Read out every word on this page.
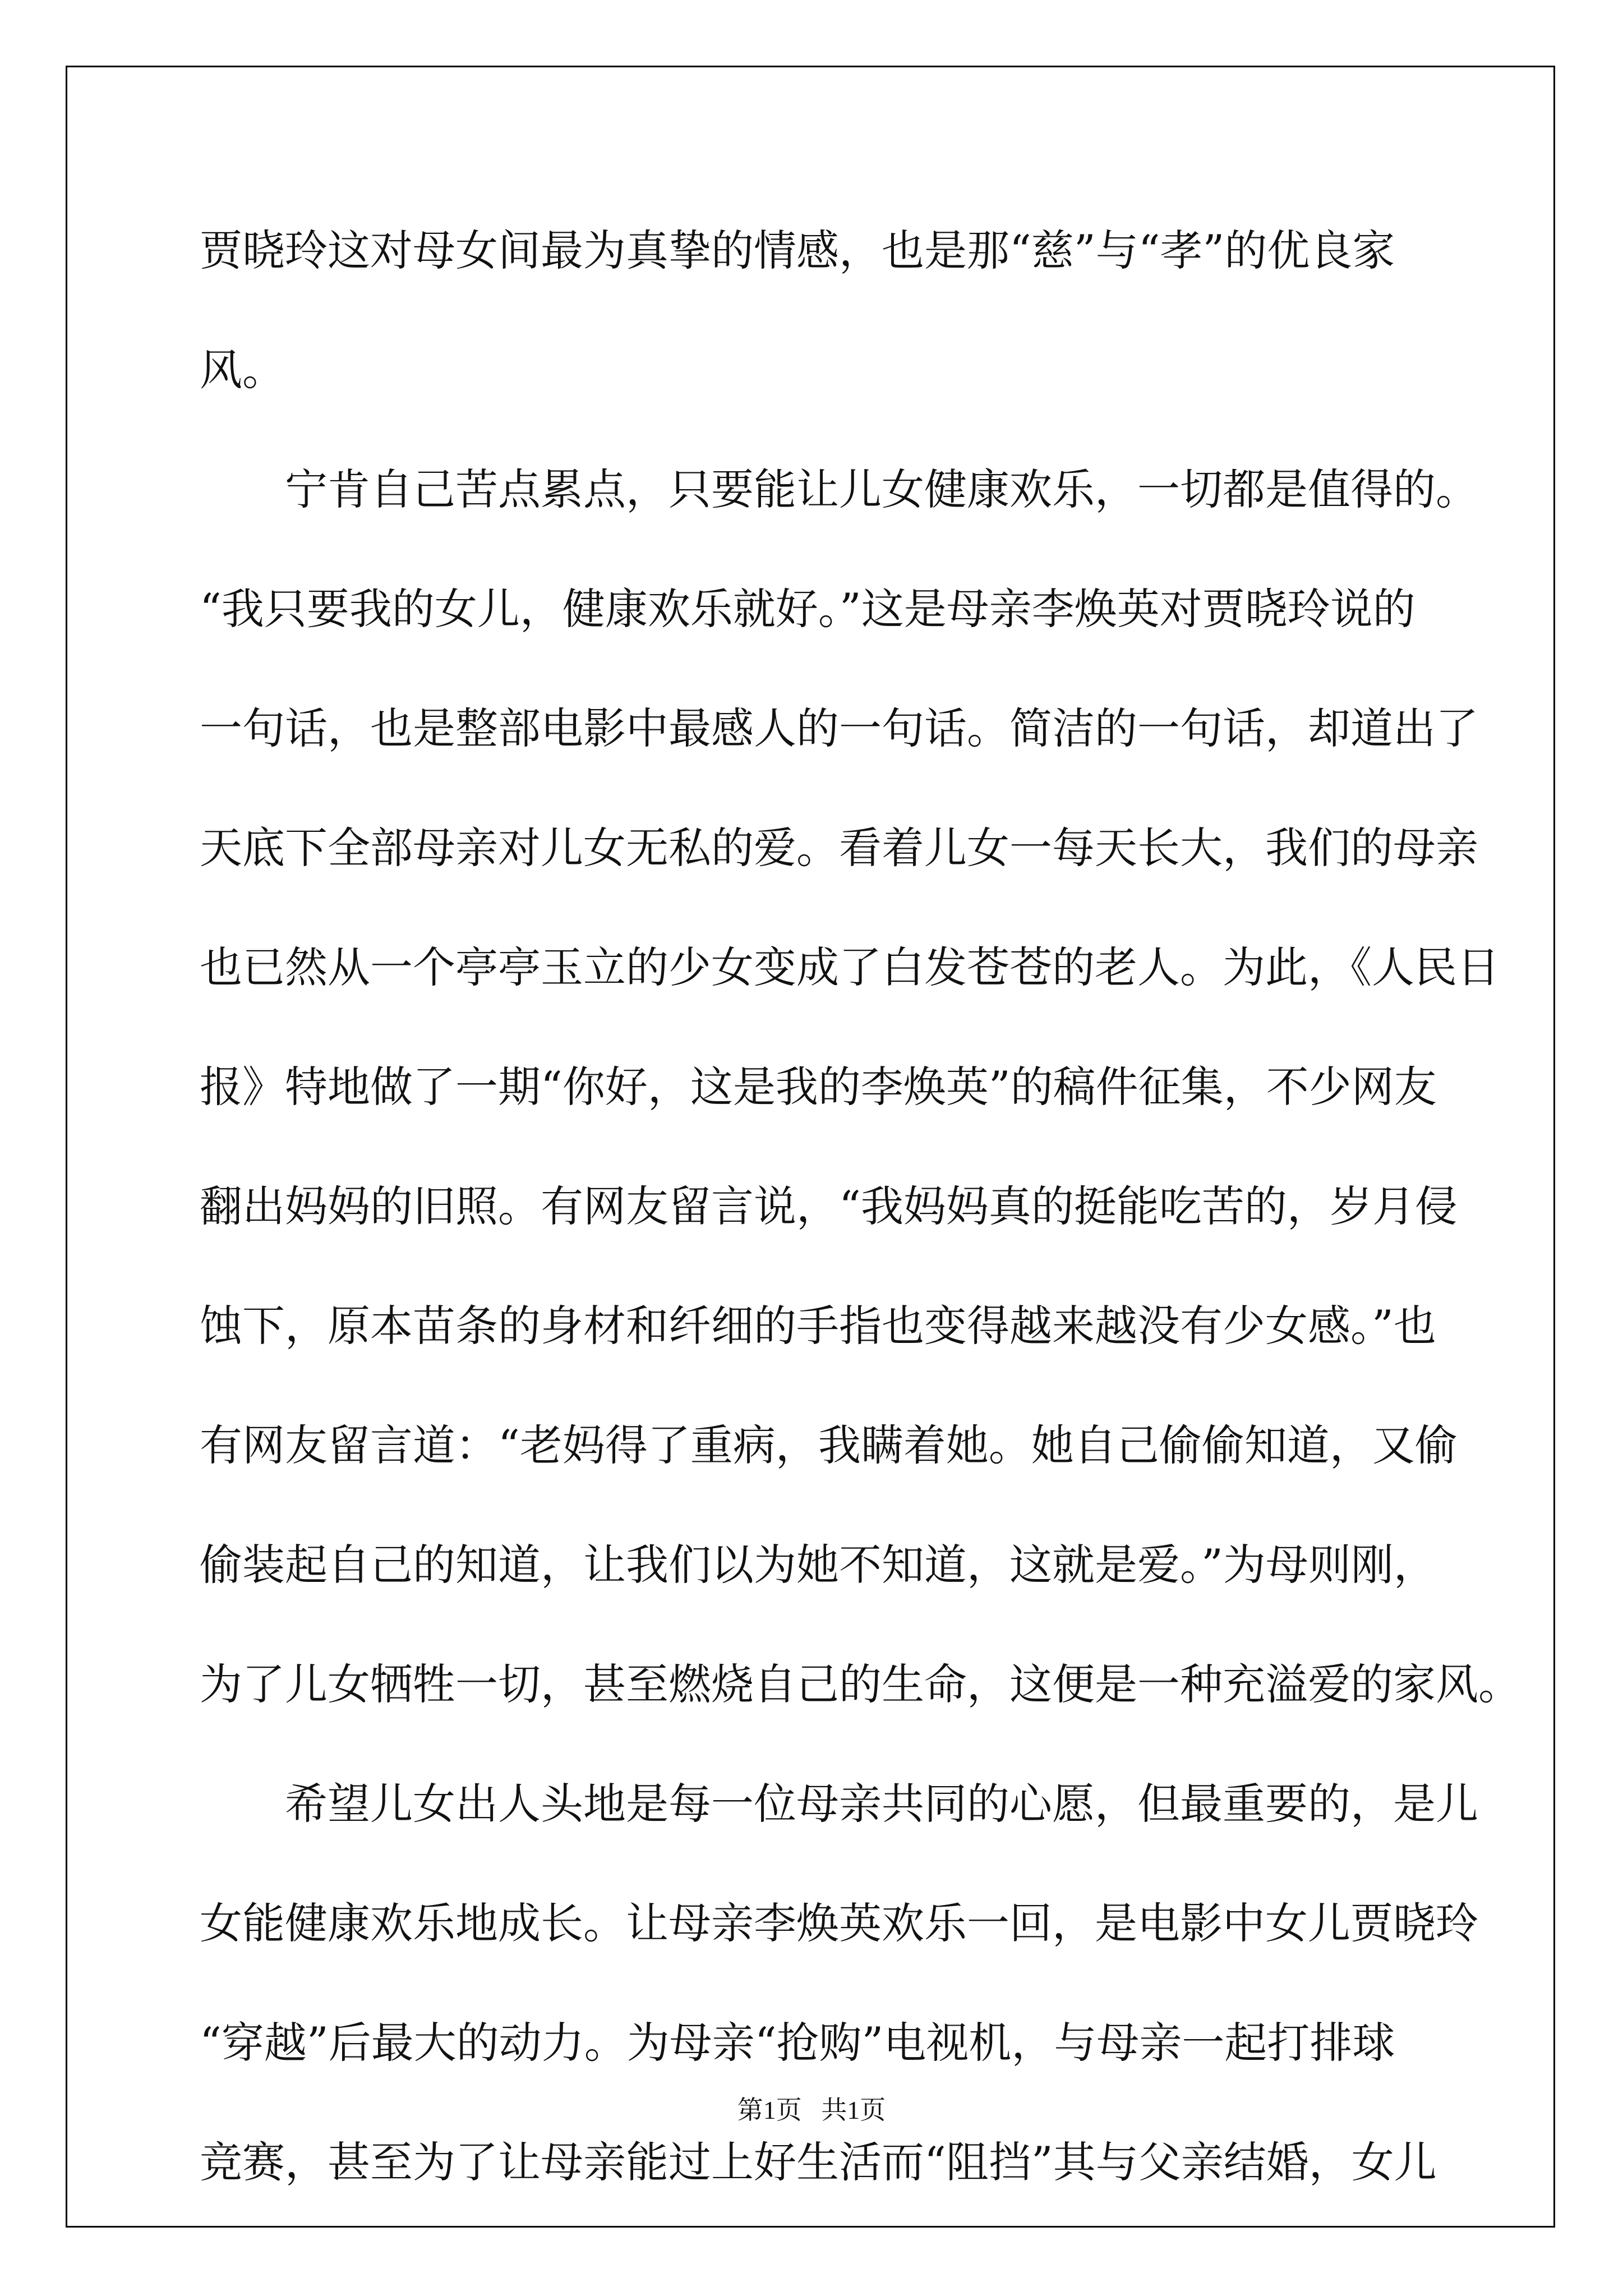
贾晓玲这对母女间最为真挚的情感，也是那“慈”与“孝”的优良家
风。
宁肯自己苦点累点，只要能让儿女健康欢乐，一切都是值得的。
“我只要我的女儿，健康欢乐就好。”这是母亲李焕英对贾晓玲说的
一句话，也是整部电影中最感人的一句话。简洁的一句话，却道出了
天底下全部母亲对儿女无私的爱。看着儿女一每天长大，我们的母亲
也已然从一个亭亭玉立的少女变成了白发苍苍的老人。为此，《人民日
报》特地做了一期“你好，这是我的李焕英”的稿件征集，不少网友
翻出妈妈的旧照。有网友留言说，“我妈妈真的挺能吃苦的，岁月侵
蚀下，原本苗条的身材和纤细的手指也变得越来越没有少女感。”也
有网友留言道：“老妈得了重病，我瞒着她。她自己偷偷知道，又偷
偷装起自己的知道，让我们以为她不知道，这就是爱。”为母则刚，
为了儿女牺牲一切，甚至燃烧自己的生命，这便是一种充溢爱的家风。
希望儿女出人头地是每一位母亲共同的心愿，但最重要的，是儿
女能健康欢乐地成长。让母亲李焕英欢乐一回，是电影中女儿贾晓玲
“穿越”后最大的动力。为母亲“抢购”电视机，与母亲一起打排球
竞赛，甚至为了让母亲能过上好生活而“阻挡”其与父亲结婚，女儿
第1页   共1页
